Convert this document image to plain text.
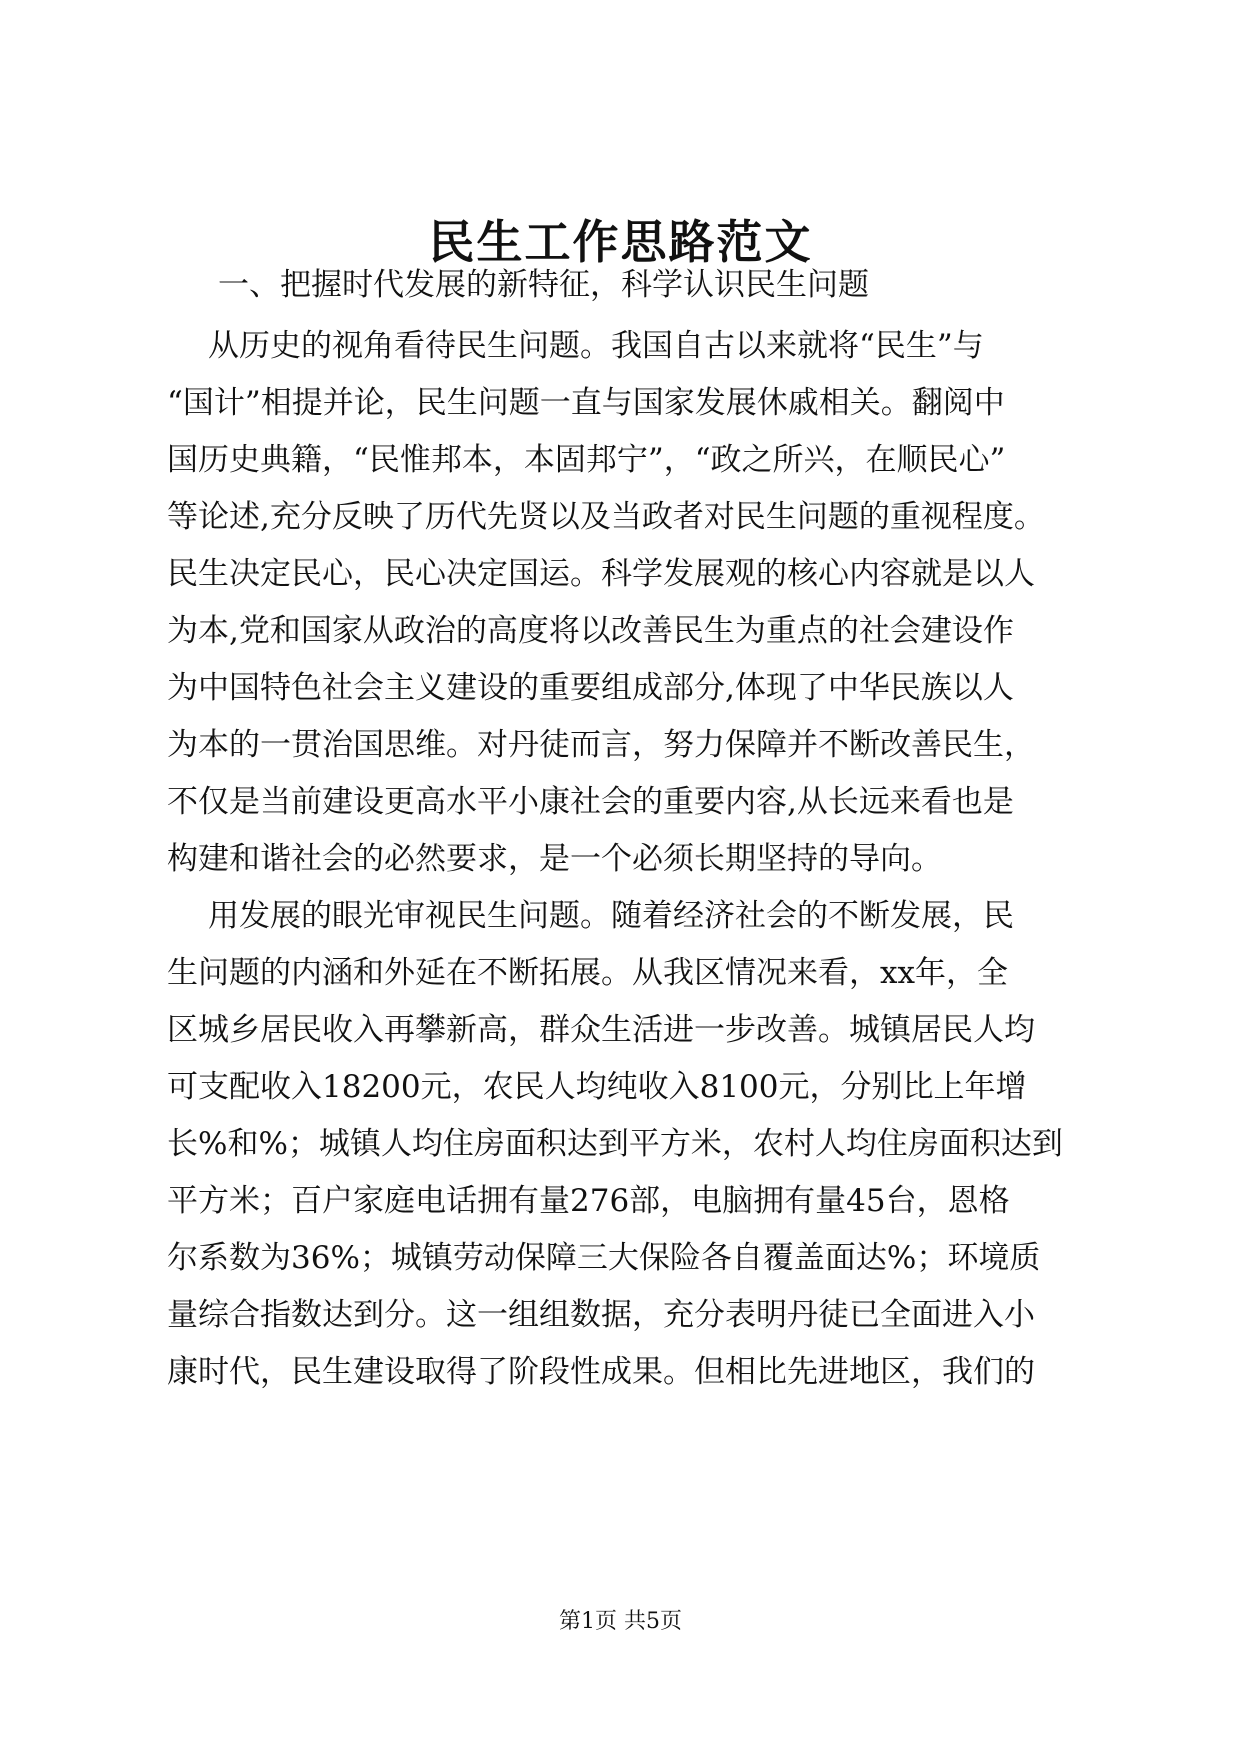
民生工作思路范文
一、把握时代发展的新特征，科学认识民生问题
从历史的视角看待民生问题。我国自古以来就将“民生”与
“国计”相提并论，民生问题一直与国家发展休戚相关。翻阅中
国历史典籍，“民惟邦本，本固邦宁”，“政之所兴，在顺民心”
等论述,充分反映了历代先贤以及当政者对民生问题的重视程度。
民生决定民心，民心决定国运。科学发展观的核心内容就是以人
为本,党和国家从政治的高度将以改善民生为重点的社会建设作
为中国特色社会主义建设的重要组成部分,体现了中华民族以人
为本的一贯治国思维。对丹徒而言，努力保障并不断改善民生，
不仅是当前建设更高水平小康社会的重要内容,从长远来看也是
构建和谐社会的必然要求，是一个必须长期坚持的导向。
用发展的眼光审视民生问题。随着经济社会的不断发展，民
生问题的内涵和外延在不断拓展。从我区情况来看，xx年，全
区城乡居民收入再攀新高，群众生活进一步改善。城镇居民人均
可支配收入18200元，农民人均纯收入8100元，分别比上年增
长%和%；城镇人均住房面积达到平方米，农村人均住房面积达到
平方米；百户家庭电话拥有量276部，电脑拥有量45台，恩格
尔系数为36%；城镇劳动保障三大保险各自覆盖面达%；环境质
量综合指数达到分。这一组组数据，充分表明丹徒已全面进入小
康时代，民生建设取得了阶段性成果。但相比先进地区，我们的
第1页 共5页
